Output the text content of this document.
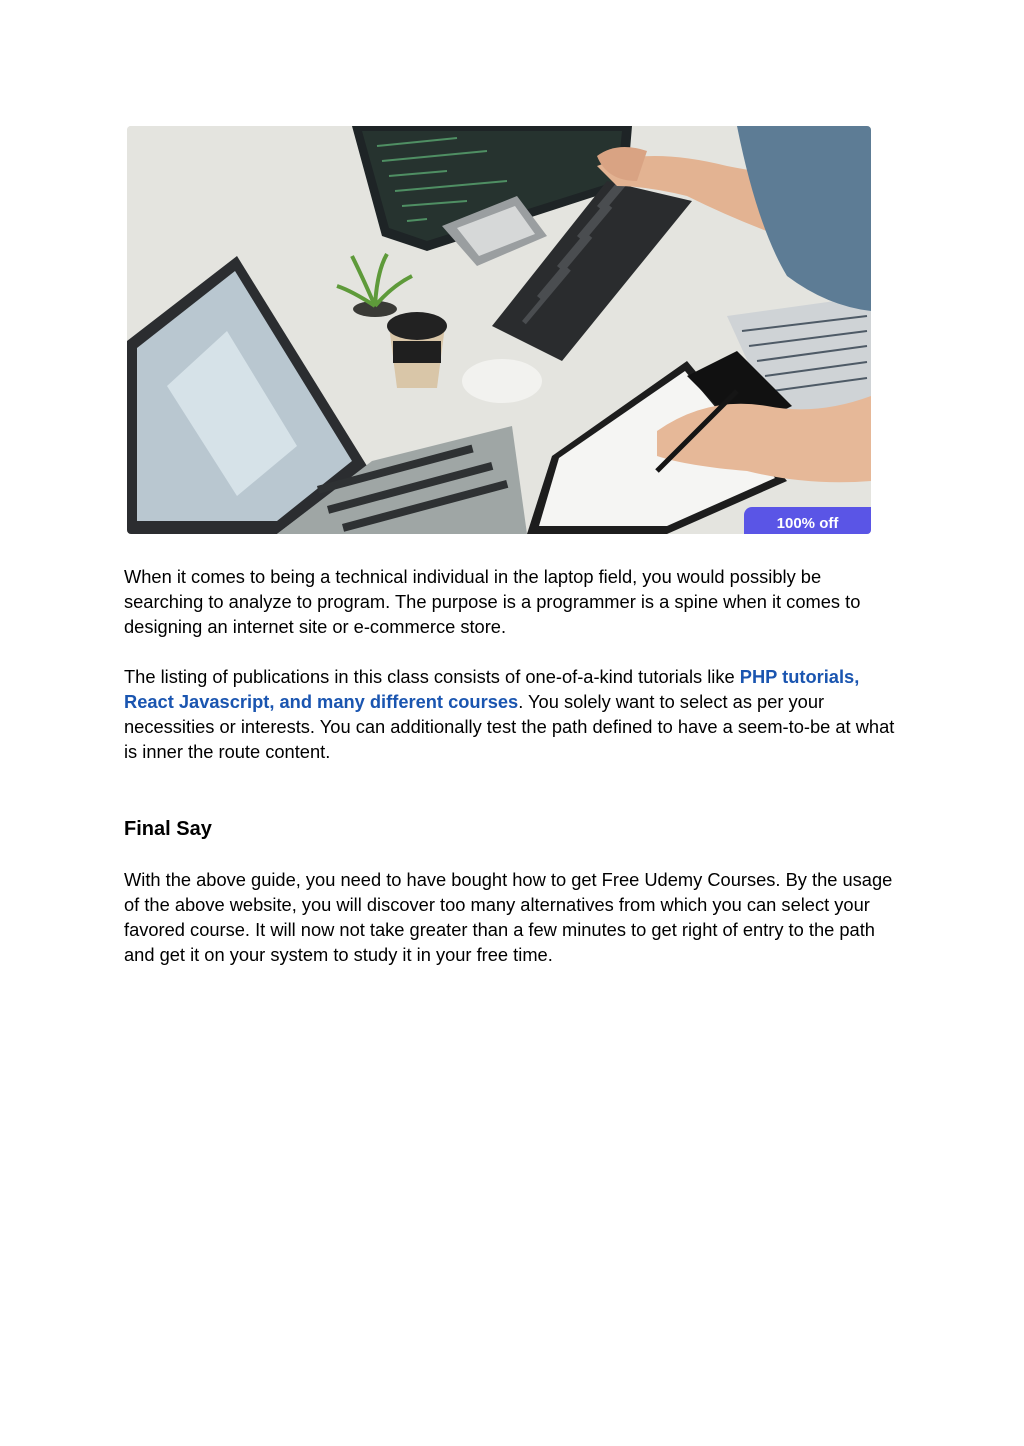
100% off

When it comes to being a technical individual in the laptop field, you would possibly be searching to analyze to program. The purpose is a programmer is a spine when it comes to designing an internet site or e-commerce store.

The listing of publications in this class consists of one-of-a-kind tutorials like PHP tutorials, React Javascript, and many different courses. You solely want to select as per your necessities or interests. You can additionally test the path defined to have a seem-to-be at what is inner the route content.

Final Say

With the above guide, you need to have bought how to get Free Udemy Courses. By the usage of the above website, you will discover too many alternatives from which you can select your favored course. It will now not take greater than a few minutes to get right of entry to the path and get it on your system to study it in your free time.
